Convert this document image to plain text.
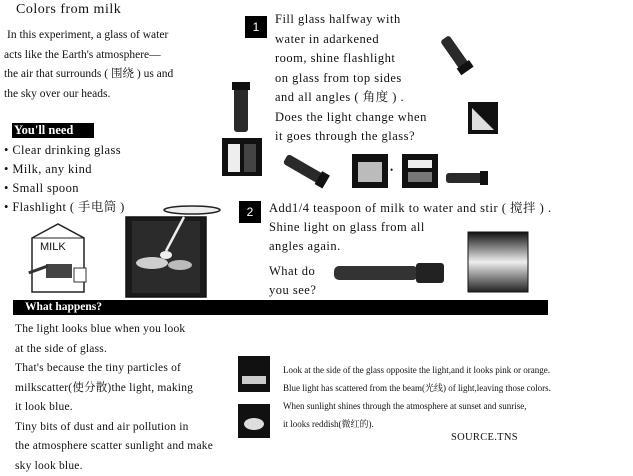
Colors from milk
In this experiment, a glass of water
acts like the Earth's atmosphere—
the air that surrounds ( 围绕 ) us and
the sky over our heads.
You'll need
• Clear drinking glass
• Milk, any kind
• Small spoon
• Flashlight ( 手电筒 )
MILK
1
Fill glass halfway with
water in adarkened
room, shine flashlight
on glass from top sides
and all angles ( 角度 ) .
Does the light change when
it goes through the glass?
•
2	Add1/4 teaspoon of milk to water and stir ( 搅拌 ) .
Shine light on glass from all
angles again.
What do
you see?
What happens?
The light looks blue when you look
at the side of glass.
That's because the tiny particles of
milkscatter(使分散)the light, making
it look blue.
Tiny bits of dust and air pollution in
the atmosphere scatter sunlight and make
sky look blue.
Look at the side of the glass opposite the light,and it looks pink or orange.
Blue light has scattered from the beam(光线) of light,leaving those colors.
When sunlight shines through the atmosphere at sunset and sunrise,
it looks reddish(微红的).
SOURCE.TNS
